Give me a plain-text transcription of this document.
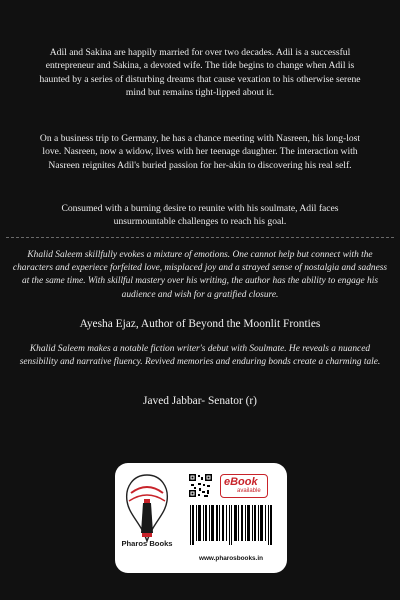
Adil and Sakina are happily married for over two decades. Adil is a successful entrepreneur and Sakina, a devoted wife. The tide begins to change when Adil is haunted by a series of disturbing dreams that cause vexation to his otherwise serene mind but remains tight-lipped about it.

On a business trip to Germany, he has a chance meeting with Nasreen, his long-lost love. Nasreen, now a widow, lives with her teenage daughter. The interaction with Nasreen reignites Adil's buried passion for her-akin to discovering his real self.

Consumed with a burning desire to reunite with his soulmate, Adil faces unsurmountable challenges to reach his goal.

Khalid Saleem skillfully evokes a mixture of emotions. One cannot help but connect with the characters and experiece forfeited love, misplaced joy and a strayed sense of nostalgia and sadness at the same time. With skillful mastery over his writing, the author has the ability to engage his audience and wish for a gratified closure.

Ayesha Ejaz, Author of Beyond the Moonlit Fronties

Khalid Saleem makes a notable fiction writer's debut with Soulmate. He reveals a nuanced sensibility and narrative fluency. Revived memories and enduring bonds create a charming tale.

Javed Jabbar- Senator (r)

Pharos Books
eBook
available
www.pharosbooks.in
